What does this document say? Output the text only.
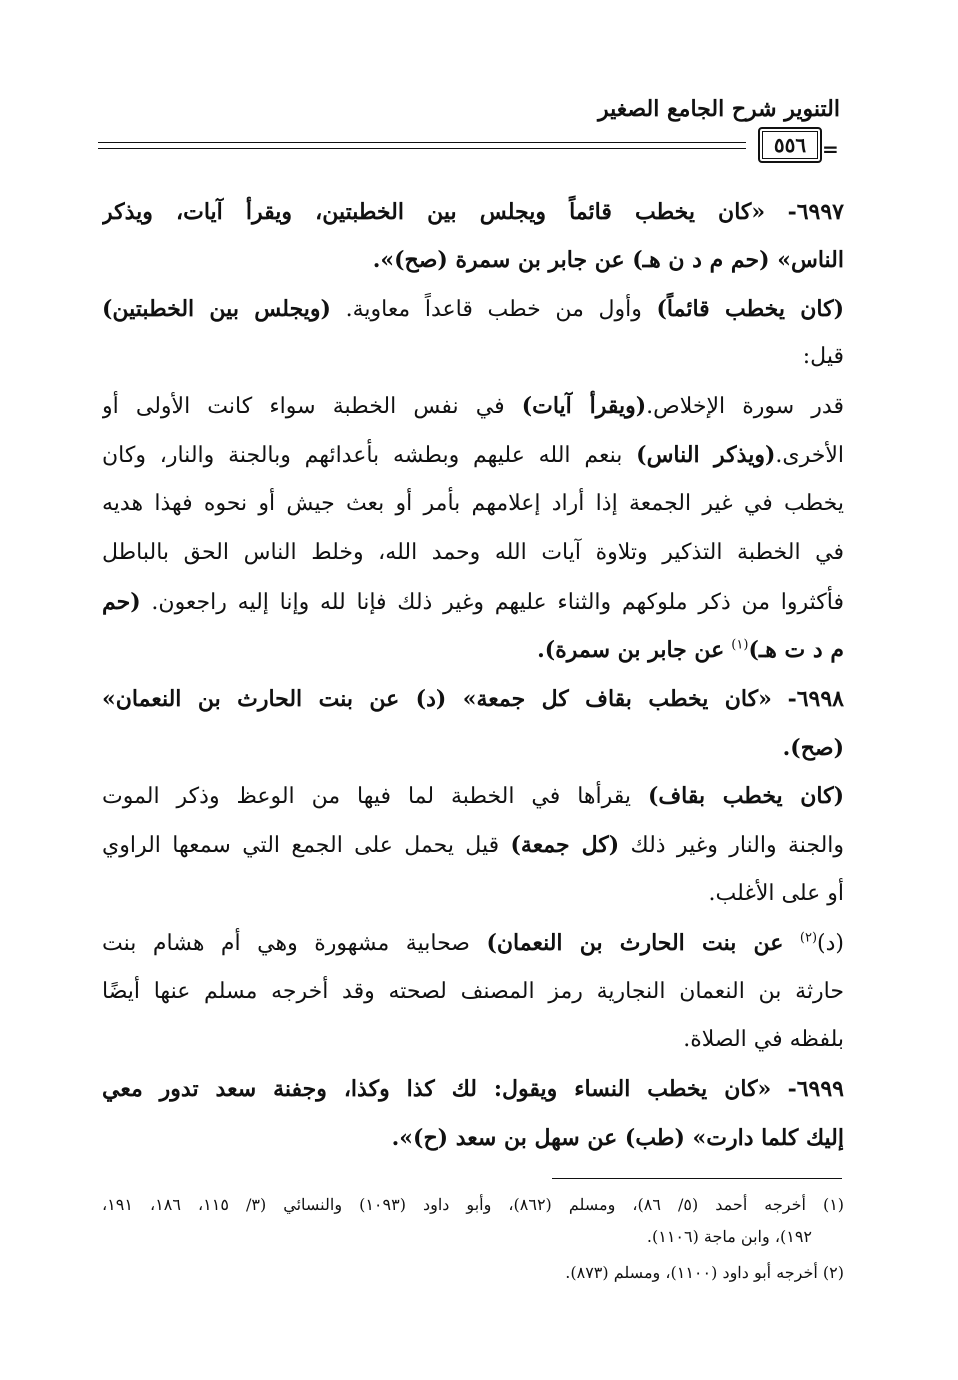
التنوير شرح الجامع الصغير
٥٥٦ =
٦٩٩٧- «كان يخطب قائماً ويجلس بين الخطبتين، ويقرأ آيات، ويذكر
الناس» (حم م د ن هـ) عن جابر بن سمرة (صح)».
(كان يخطب قائماً) وأول من خطب قاعداً معاوية. (ويجلس بين الخطبتين)
قيل:
قدر سورة الإخلاص.(ويقرأ آيات) في نفس الخطبة سواء كانت الأولى أو
الأخرى.(ويذكر الناس) بنعم الله عليهم وبطشه بأعدائهم وبالجنة والنار، وكان
يخطب في غير الجمعة إذا أراد إعلامهم بأمر أو بعث جيش أو نحوه فهذا هديه
في الخطبة التذكير وتلاوة آيات الله وحمد الله، وخلط الناس الحق بالباطل
فأكثروا من ذكر ملوكهم والثناء عليهم وغير ذلك فإنا لله وإنا إليه راجعون. (حم
م د ت هـ)$^{(١)}$ عن جابر بن سمرة).
٦٩٩٨- «كان يخطب بقاف كل جمعة» (د) عن بنت الحارث بن النعمان»
(صح).
(كان يخطب بقاف) يقرأها في الخطبة لما فيها من الوعظ وذكر الموت
والجنة والنار وغير ذلك (كل جمعة) قيل يحمل على الجمع التي سمعها الراوي
أو على الأغلب.
(د)$^{(٢)}$ عن بنت الحارث بن النعمان) صحابية مشهورة وهي أم هشام بنت
حارثة بن النعمان النجارية رمز المصنف لصحته وقد أخرجه مسلم عنها أيضًا
بلفظه في الصلاة.
٦٩٩٩- «كان يخطب النساء ويقول: لك كذا وكذا، وجفنة سعد تدور معي
إليك كلما دارت» (طب) عن سهل بن سعد (ح)».
(١) أخرجه أحمد (٥/ ٨٦)، ومسلم (٨٦٢)، وأبو داود (١٠٩٣) والنسائي (٣/ ١١٥، ١٨٦، ١٩١،
١٩٢)، وابن ماجة (١١٠٦).
(٢) أخرجه أبو داود (١١٠٠)، ومسلم (٨٧٣).
